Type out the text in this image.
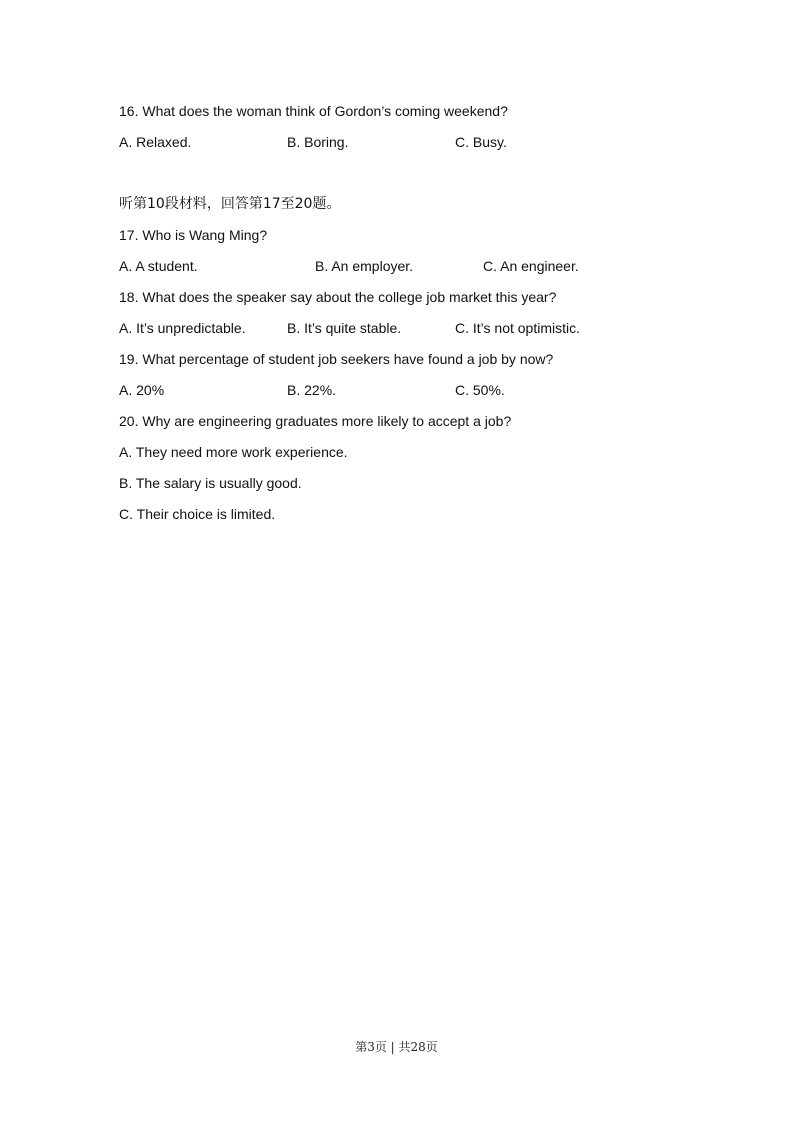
16. What does the woman think of Gordon’s coming weekend?
A. Relaxed.	B. Boring.	C. Busy.
听第10段材料，回答第17至20题。
17. Who is Wang Ming?
A. A student.	B. An employer.	C. An engineer.
18. What does the speaker say about the college job market this year?
A. It’s unpredictable.	B. It’s quite stable.	C. It’s not optimistic.
19. What percentage of student job seekers have found a job by now?
A. 20%	B. 22%.	C. 50%.
20. Why are engineering graduates more likely to accept a job?
A. They need more work experience.
B. The salary is usually good.
C. Their choice is limited.
第3页 | 共28页
